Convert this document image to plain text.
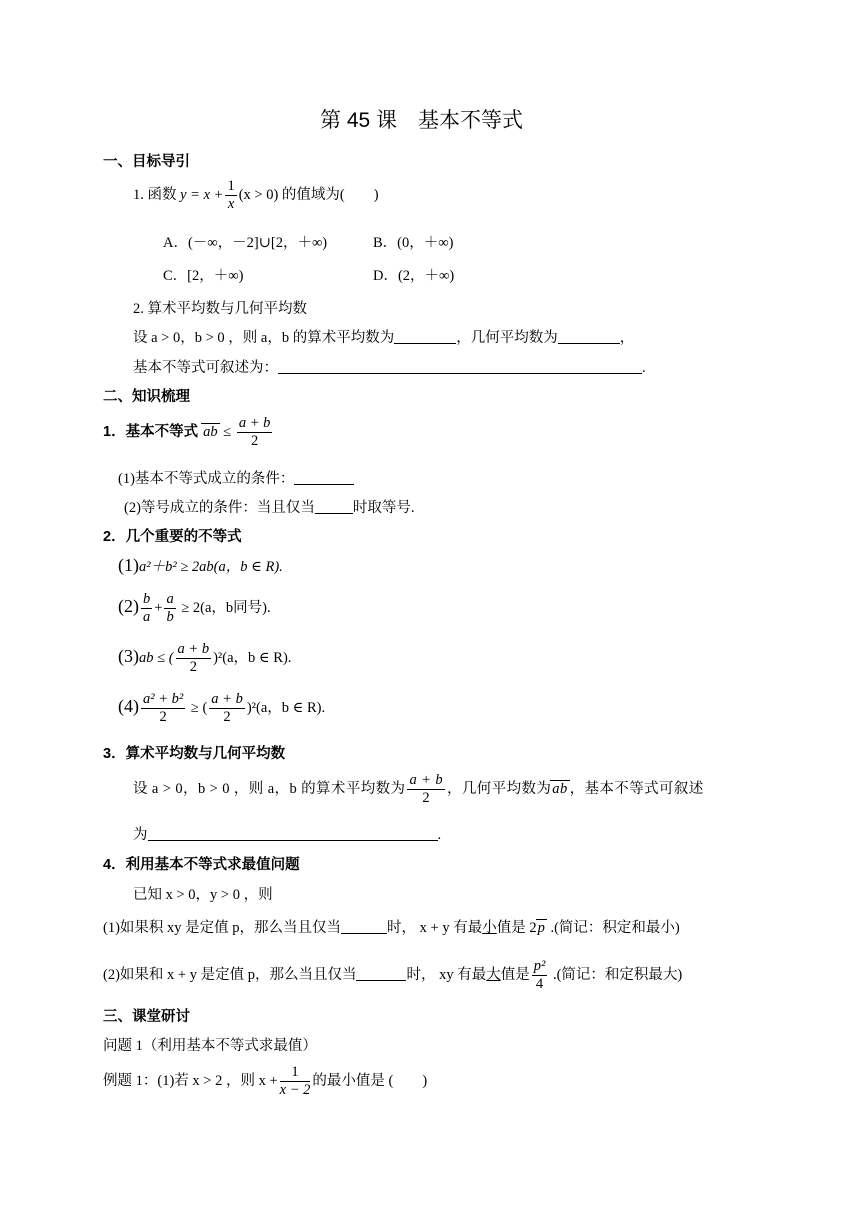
第 45 课　基本不等式
一、目标导引
1. 函数 $y = x + \frac{1}{x} (x > 0)$ 的值域为(　　)
A．(－∞，－2]∪[2，＋∞)	B．(0，＋∞)
C．[2，＋∞)	D．(2，＋∞)
2. 算术平均数与几何平均数
设 a > 0，b > 0 ，则 a，b 的算术平均数为	，几何平均数为	，
基本不等式可叙述为：	.
二、知识梳理
1．基本不等式 ab ≤ $\frac{a + b}{2}$
(1)基本不等式成立的条件：
(2)等号成立的条件：当且仅当	时取等号.
2．几个重要的不等式
(1)a²＋b² ≥ 2ab(a，b ∈ R).
$(2) \frac{b}{a} + \frac{a}{b} \ge 2(a$，b同号).
(3)ab ≤ ( $\frac{a + b}{2} )^2(a$，b ∈ R).
$(4) \frac{\text{a² + b²}}{2}$ ≥ ( $\frac{a + b}{2} )^2(a$，b ∈ R).
3．算术平均数与几何平均数
设 a > 0，b > 0 ，则 a，b 的算术平均数为 $\frac{a + b}{2}$ ，几何平均数为ab ，基本不等式可叙述
为	.
4．利用基本不等式求最值问题
已知 x > 0，y > 0 ，则
(1)如果积 xy 是定值 p，那么当且仅当	时， x + y 有最小值是 2p .(简记：积定和最小)
(2)如果和 x + y 是定值 p，那么当且仅当	时， xy 有最大值是 $\frac{\text{p²}}{4}$ .(简记：和定积最大)
三、课堂研讨
问题 1（利用基本不等式求最值）
例题 1：(1)若 x > 2 ，则 $x + \frac{1}{x - 2}$ 的最小值是 (　　)
